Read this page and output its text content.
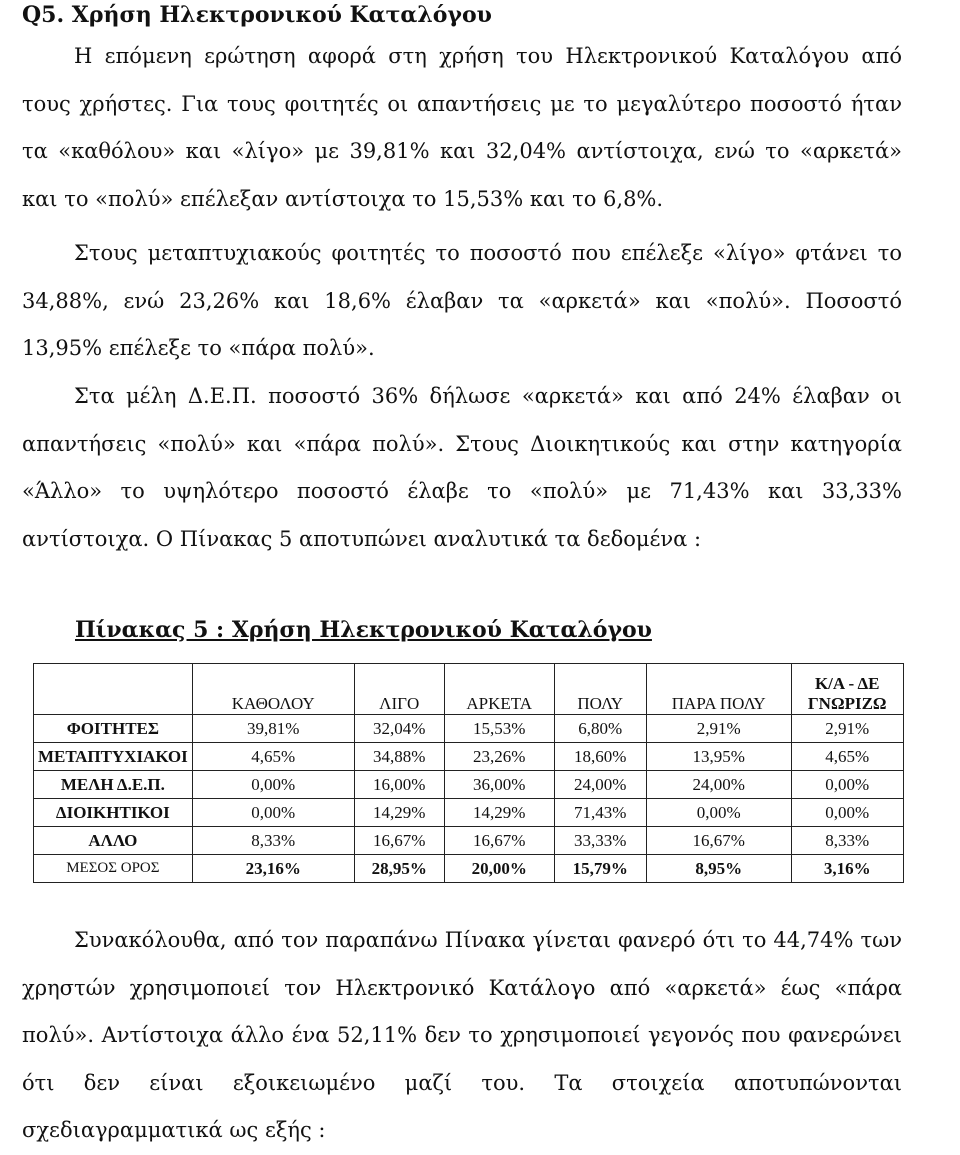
Q5. Χρήση Ηλεκτρονικού Καταλόγου

Η επόμενη ερώτηση αφορά στη χρήση του Ηλεκτρονικού Καταλόγου από τους χρήστες. Για τους φοιτητές οι απαντήσεις με το μεγαλύτερο ποσοστό ήταν τα «καθόλου» και «λίγο» με 39,81% και 32,04% αντίστοιχα, ενώ το «αρκετά» και το «πολύ» επέλεξαν αντίστοιχα το 15,53% και το 6,8%.

Στους μεταπτυχιακούς φοιτητές το ποσοστό που επέλεξε «λίγο» φτάνει το 34,88%, ενώ 23,26% και 18,6% έλαβαν τα «αρκετά» και «πολύ». Ποσοστό 13,95% επέλεξε το «πάρα πολύ».

Στα μέλη Δ.Ε.Π. ποσοστό 36% δήλωσε «αρκετά» και από 24% έλαβαν οι απαντήσεις «πολύ» και «πάρα πολύ». Στους Διοικητικούς και στην κατηγορία «Άλλο» το υψηλότερο ποσοστό έλαβε το «πολύ» με 71,43% και 33,33% αντίστοιχα. Ο Πίνακας 5 αποτυπώνει αναλυτικά τα δεδομένα :

Πίνακας 5 : Χρήση Ηλεκτρονικού Καταλόγου

	ΚΑΘΟΛΟΥ	ΛΙΓΟ	ΑΡΚΕΤΑ	ΠΟΛΥ	ΠΑΡΑ ΠΟΛΥ	Κ/Α - ΔΕ ΓΝΩΡΙΖΩ
ΦΟΙΤΗΤΕΣ	39,81%	32,04%	15,53%	6,80%	2,91%	2,91%
ΜΕΤΑΠΤΥΧΙΑΚΟΙ	4,65%	34,88%	23,26%	18,60%	13,95%	4,65%
ΜΕΛΗ Δ.Ε.Π.	0,00%	16,00%	36,00%	24,00%	24,00%	0,00%
ΔΙΟΙΚΗΤΙΚΟΙ	0,00%	14,29%	14,29%	71,43%	0,00%	0,00%
ΑΛΛΟ	8,33%	16,67%	16,67%	33,33%	16,67%	8,33%
ΜΕΣΟΣ ΟΡΟΣ	23,16%	28,95%	20,00%	15,79%	8,95%	3,16%

Συνακόλουθα, από τον παραπάνω Πίνακα γίνεται φανερό ότι το 44,74% των χρηστών χρησιμοποιεί τον Ηλεκτρονικό Κατάλογο από «αρκετά» έως «πάρα πολύ». Αντίστοιχα άλλο ένα 52,11% δεν το χρησιμοποιεί γεγονός που φανερώνει ότι δεν είναι εξοικειωμένο μαζί του. Τα στοιχεία αποτυπώνονται σχεδιαγραμματικά ως εξής :
